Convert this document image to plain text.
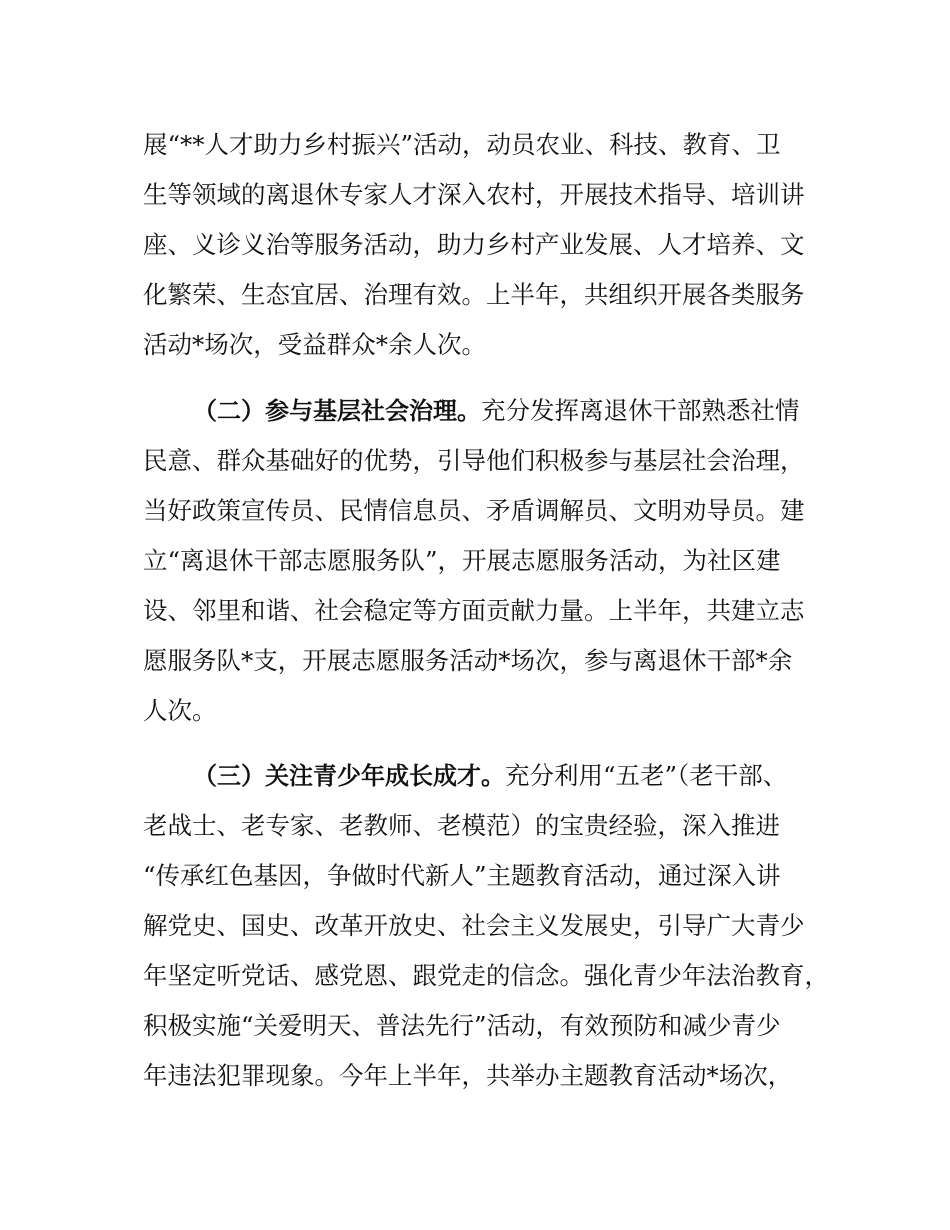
展“**人才助力乡村振兴”活动，动员农业、科技、教育、卫
生等领域的离退休专家人才深入农村，开展技术指导、培训讲
座、义诊义治等服务活动，助力乡村产业发展、人才培养、文
化繁荣、生态宜居、治理有效。上半年，共组织开展各类服务
活动*场次，受益群众*余人次。
（二）参与基层社会治理。充分发挥离退休干部熟悉社情
民意、群众基础好的优势，引导他们积极参与基层社会治理，
当好政策宣传员、民情信息员、矛盾调解员、文明劝导员。建
立“离退休干部志愿服务队”，开展志愿服务活动，为社区建
设、邻里和谐、社会稳定等方面贡献力量。上半年，共建立志
愿服务队*支，开展志愿服务活动*场次，参与离退休干部*余
人次。
（三）关注青少年成长成才。充分利用“五老”（老干部、
老战士、老专家、老教师、老模范）的宝贵经验，深入推进
“传承红色基因，争做时代新人”主题教育活动，通过深入讲
解党史、国史、改革开放史、社会主义发展史，引导广大青少
年坚定听党话、感党恩、跟党走的信念。强化青少年法治教育，
积极实施“关爱明天、普法先行”活动，有效预防和减少青少
年违法犯罪现象。今年上半年，共举办主题教育活动*场次，
